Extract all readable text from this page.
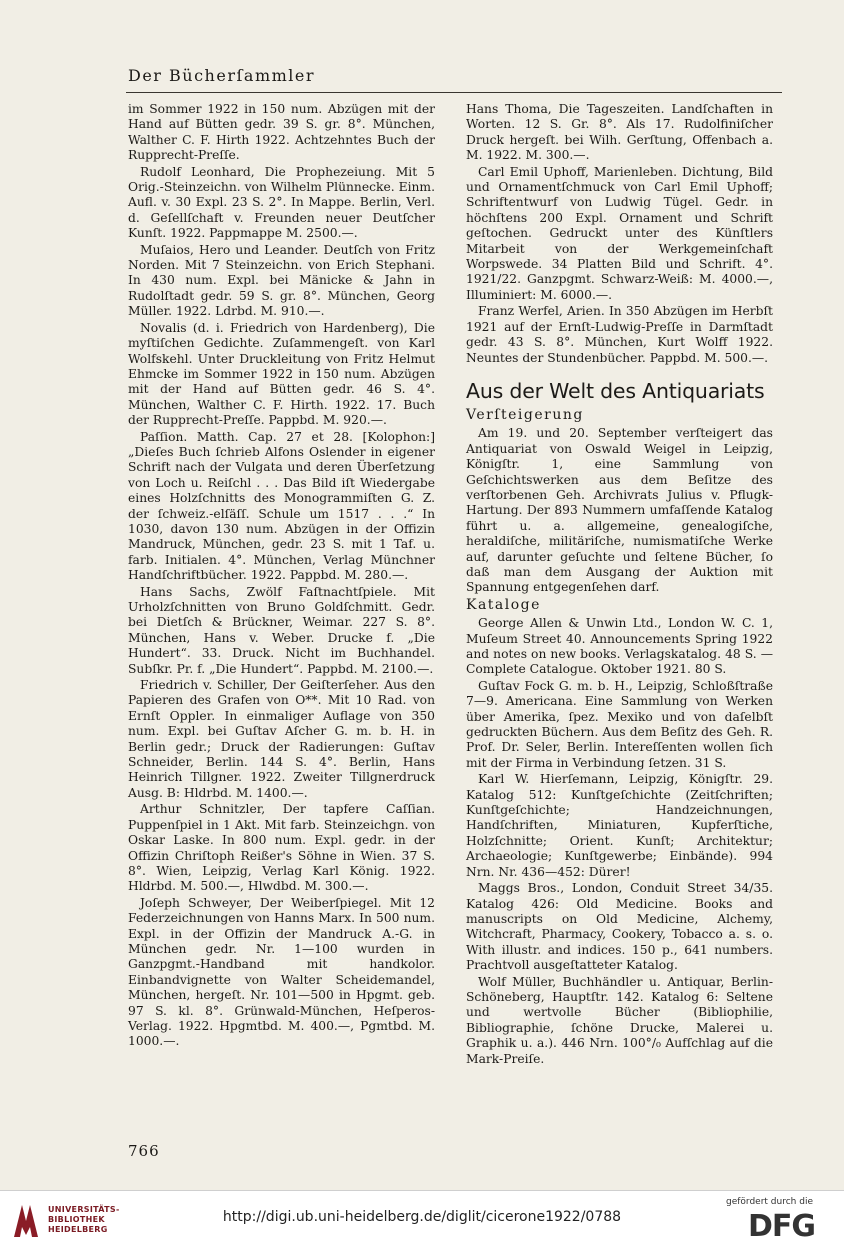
Der Bücherſammler

im Sommer 1922 in 150 num. Abzügen mit der Hand auf Bütten gedr. 39 S. gr. 8°. München, Walther C. F. Hirth 1922. Achtzehntes Buch der Rupprecht-Preſſe.

Rudolf Leonhard, Die Prophezeiung. Mit 5 Orig.-Steinzeichn. von Wilhelm Plünnecke. Einm. Aufl. v. 30 Expl. 23 S. 2°. In Mappe. Berlin, Verl. d. Geſellſchaft v. Freunden neuer Deutſcher Kunſt. 1922. Pappmappe M. 2500.—.

Muſaios, Hero und Leander. Deutſch von Fritz Norden. Mit 7 Steinzeichn. von Erich Stephani. In 430 num. Expl. bei Mänicke & Jahn in Rudolſtadt gedr. 59 S. gr. 8°. München, Georg Müller. 1922. Ldrbd. M. 910.—.

Novalis (d. i. Friedrich von Hardenberg), Die myſtiſchen Gedichte. Zuſammengeſt. von Karl Wolfskehl. Unter Druckleitung von Fritz Helmut Ehmcke im Sommer 1922 in 150 num. Abzügen mit der Hand auf Bütten gedr. 46 S. 4°. München, Walther C. F. Hirth. 1922. 17. Buch der Rupprecht-Preſſe. Pappbd. M. 920.—.

Paſſion. Matth. Cap. 27 et 28. [Kolophon:] „Dieſes Buch ſchrieb Alfons Oslender in eigener Schrift nach der Vulgata und deren Überſetzung von Loch u. Reiſchl . . . Das Bild iſt Wiedergabe eines Holzſchnitts des Monogrammiſten G. Z. der ſchweiz.-elſäſſ. Schule um 1517 . . .“ In 1030, davon 130 num. Abzügen in der Offizin Mandruck, München, gedr. 23 S. mit 1 Taf. u. farb. Initialen. 4°. München, Verlag Münchner Handſchriftbücher. 1922. Pappbd. M. 280.—.

Hans Sachs, Zwölf Faſtnachtſpiele. Mit Urholzſchnitten von Bruno Goldſchmitt. Gedr. bei Dietſch & Brückner, Weimar. 227 S. 8°. München, Hans v. Weber. Drucke f. „Die Hundert“. 33. Druck. Nicht im Buchhandel. Subſkr. Pr. f. „Die Hundert“. Pappbd. M. 2100.—.

Friedrich v. Schiller, Der Geiſterſeher. Aus den Papieren des Grafen von O**. Mit 10 Rad. von Ernſt Oppler. In einmaliger Auflage von 350 num. Expl. bei Guſtav Aſcher G. m. b. H. in Berlin gedr.; Druck der Radierungen: Guſtav Schneider, Berlin. 144 S. 4°. Berlin, Hans Heinrich Tillgner. 1922. Zweiter Tillgnerdruck Ausg. B: Hldrbd. M. 1400.—.

Arthur Schnitzler, Der tapfere Caſſian. Puppenſpiel in 1 Akt. Mit farb. Steinzeichgn. von Oskar Laske. In 800 num. Expl. gedr. in der Offizin Chriſtoph Reißer's Söhne in Wien. 37 S. 8°. Wien, Leipzig, Verlag Karl König. 1922. Hldrbd. M. 500.—, Hlwdbd. M. 300.—.

Joſeph Schweyer, Der Weiberſpiegel. Mit 12 Federzeichnungen von Hanns Marx. In 500 num. Expl. in der Offizin der Mandruck A.-G. in München gedr. Nr. 1—100 wurden in Ganzpgmt.-Handband mit handkolor. Einbandvignette von Walter Scheidemandel, München, hergeſt. Nr. 101—500 in Hpgmt. geb. 97 S. kl. 8°. Grünwald-München, Heſperos-Verlag. 1922. Hpgmtbd. M. 400.—, Pgmtbd. M. 1000.—.

Hans Thoma, Die Tageszeiten. Landſchaften in Worten. 12 S. Gr. 8°. Als 17. Rudolfiniſcher Druck hergeſt. bei Wilh. Gerſtung, Offenbach a. M. 1922. M. 300.—.

Carl Emil Uphoff, Marienleben. Dichtung, Bild und Ornamentſchmuck von Carl Emil Uphoff; Schriftentwurf von Ludwig Tügel. Gedr. in höchſtens 200 Expl. Ornament und Schrift geſtochen. Gedruckt unter des Künſtlers Mitarbeit von der Werkgemeinſchaft Worpswede. 34 Platten Bild und Schrift. 4°. 1921/22. Ganzpgmt. Schwarz-Weiß: M. 4000.—, Illuminiert: M. 6000.—.

Franz Werfel, Arien. In 350 Abzügen im Herbſt 1921 auf der Ernſt-Ludwig-Preſſe in Darmſtadt gedr. 43 S. 8°. München, Kurt Wolff 1922. Neuntes der Stundenbücher. Pappbd. M. 500.—.

Aus der Welt des Antiquariats
Verſteigerung

Am 19. und 20. September verſteigert das Antiquariat von Oswald Weigel in Leipzig, Königſtr. 1, eine Sammlung von Geſchichtswerken aus dem Beſitze des verſtorbenen Geh. Archivrats Julius v. Pflugk-Hartung. Der 893 Nummern umfaſſende Katalog führt u. a. allgemeine, genealogiſche, heraldiſche, militäriſche, numismatiſche Werke auf, darunter geſuchte und ſeltene Bücher, ſo daß man dem Ausgang der Auktion mit Spannung entgegenſehen darf.

Kataloge

George Allen & Unwin Ltd., London W. C. 1, Muſeum Street 40. Announcements Spring 1922 and notes on new books. Verlagskatalog. 48 S. — Complete Catalogue. Oktober 1921. 80 S.

Guſtav Fock G. m. b. H., Leipzig, Schloßſtraße 7—9. Americana. Eine Sammlung von Werken über Amerika, ſpez. Mexiko und von daſelbſt gedruckten Büchern. Aus dem Beſitz des Geh. R. Prof. Dr. Seler, Berlin. Intereſſenten wollen ſich mit der Firma in Verbindung ſetzen. 31 S.

Karl W. Hierſemann, Leipzig, Königſtr. 29. Katalog 512: Kunſtgeſchichte (Zeitſchriften; Kunſtgeſchichte; Handzeichnungen, Handſchriften, Miniaturen, Kupferſtiche, Holzſchnitte; Orient. Kunſt; Architektur; Archaeologie; Kunſtgewerbe; Einbände). 994 Nrn. Nr. 436—452: Dürer!

Maggs Bros., London, Conduit Street 34/35. Katalog 426: Old Medicine. Books and manuscripts on Old Medicine, Alchemy, Witchcraft, Pharmacy, Cookery, Tobacco a. s. o. With illustr. and indices. 150 p., 641 numbers. Prachtvoll ausgeſtatteter Katalog.

Wolf Müller, Buchhändler u. Antiquar, Berlin-Schöneberg, Hauptſtr. 142. Katalog 6: Seltene und wertvolle Bücher (Bibliophilie, Bibliographie, ſchöne Drucke, Malerei u. Graphik u. a.). 446 Nrn. 100°/₀ Aufſchlag auf die Mark-Preiſe.

766
UNIVERSITÄTS-
BIBLIOTHEK
HEIDELBERG
http://digi.ub.uni-heidelberg.de/diglit/cicerone1922/0788
gefördert durch die
DFG
